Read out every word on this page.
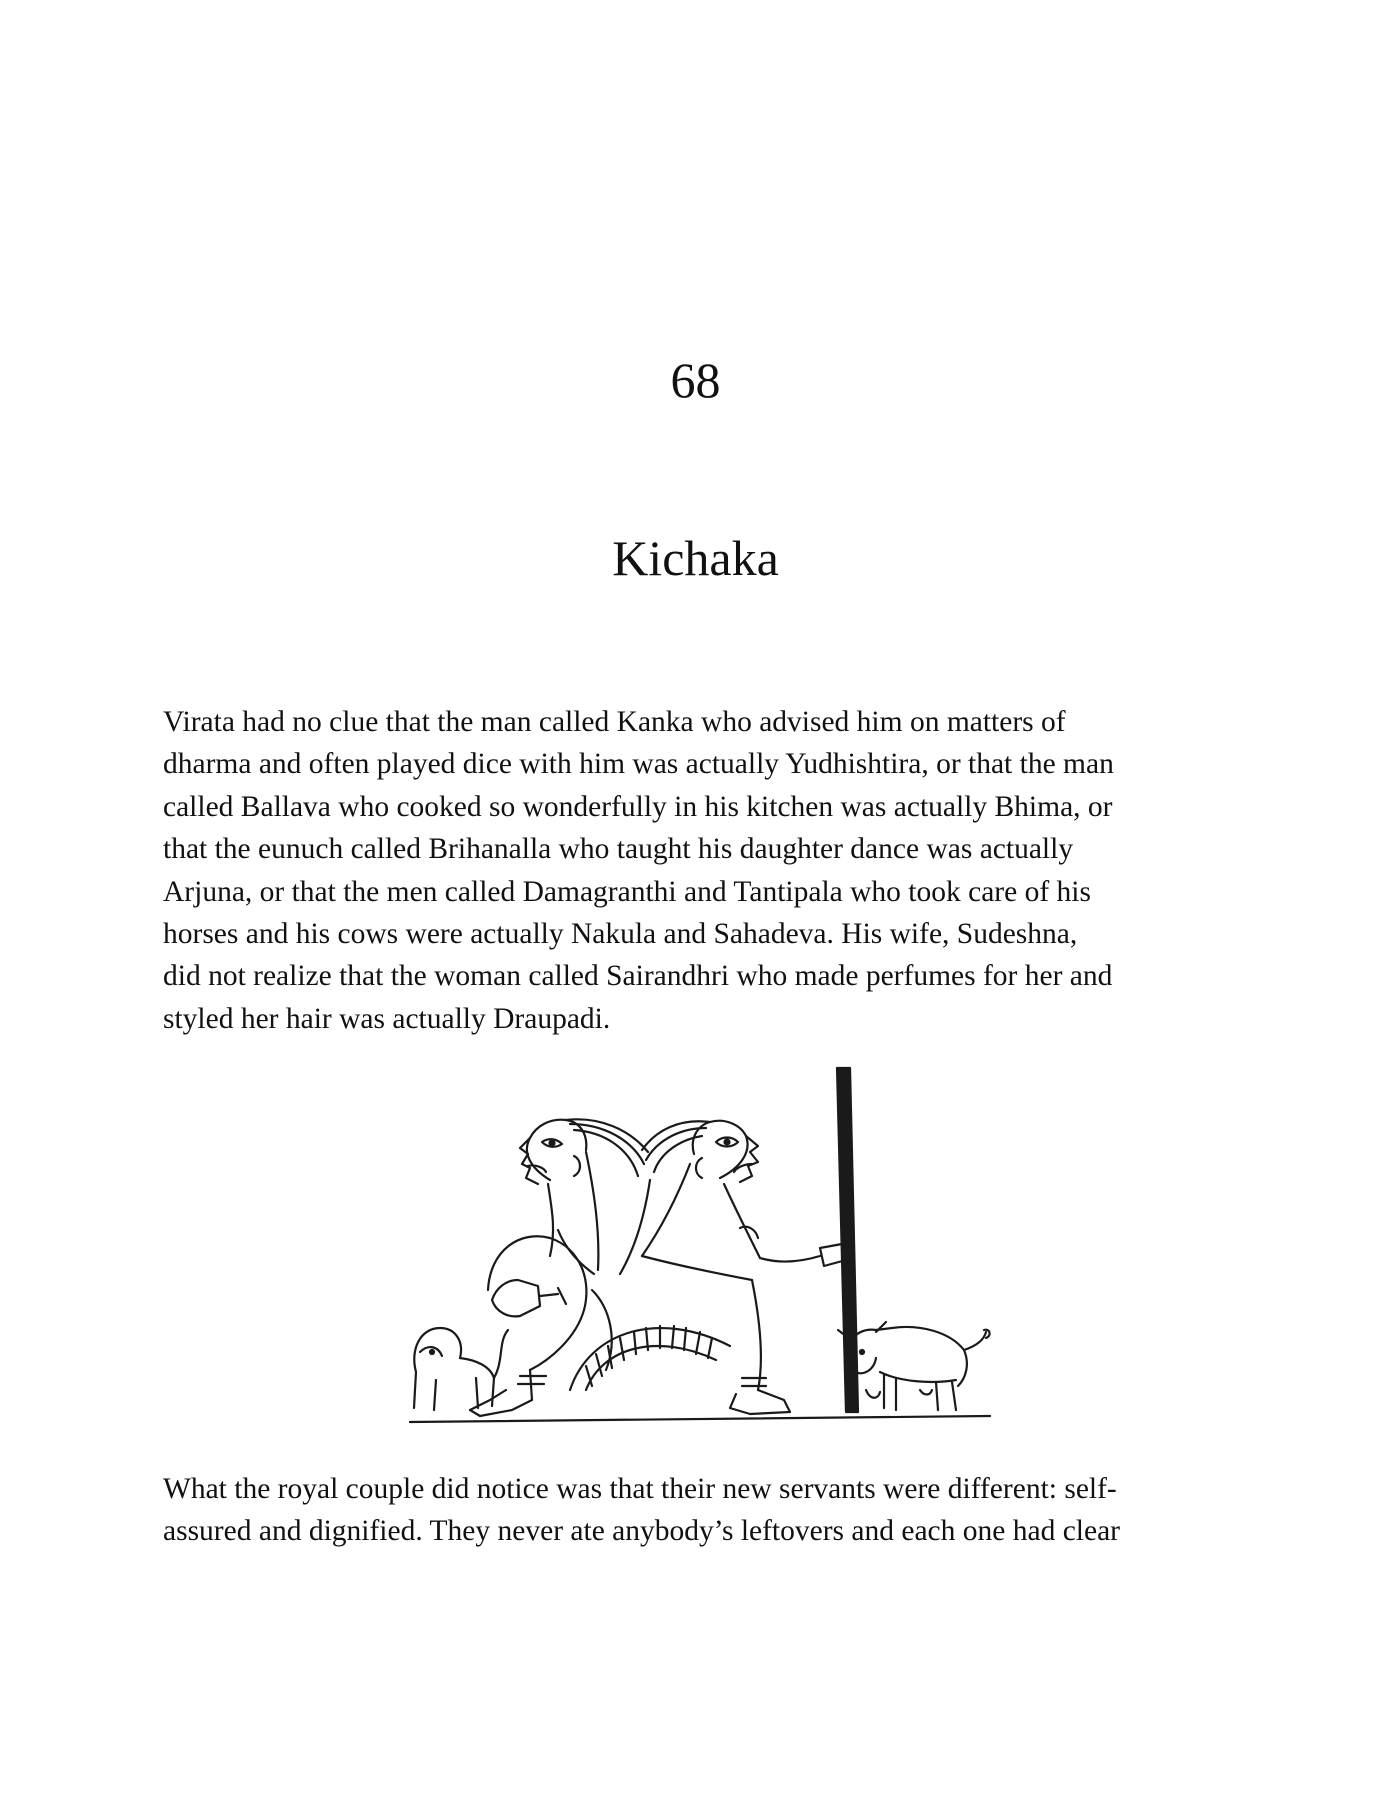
68
Kichaka

Virata had no clue that the man called Kanka who advised him on matters of
dharma and often played dice with him was actually Yudhishtira, or that the man
called Ballava who cooked so wonderfully in his kitchen was actually Bhima, or
that the eunuch called Brihanalla who taught his daughter dance was actually
Arjuna, or that the men called Damagranthi and Tantipala who took care of his
horses and his cows were actually Nakula and Sahadeva. His wife, Sudeshna,
did not realize that the woman called Sairandhri who made perfumes for her and
styled her hair was actually Draupadi.

What the royal couple did notice was that their new servants were different: self-
assured and dignified. They never ate anybody’s leftovers and each one had clear
